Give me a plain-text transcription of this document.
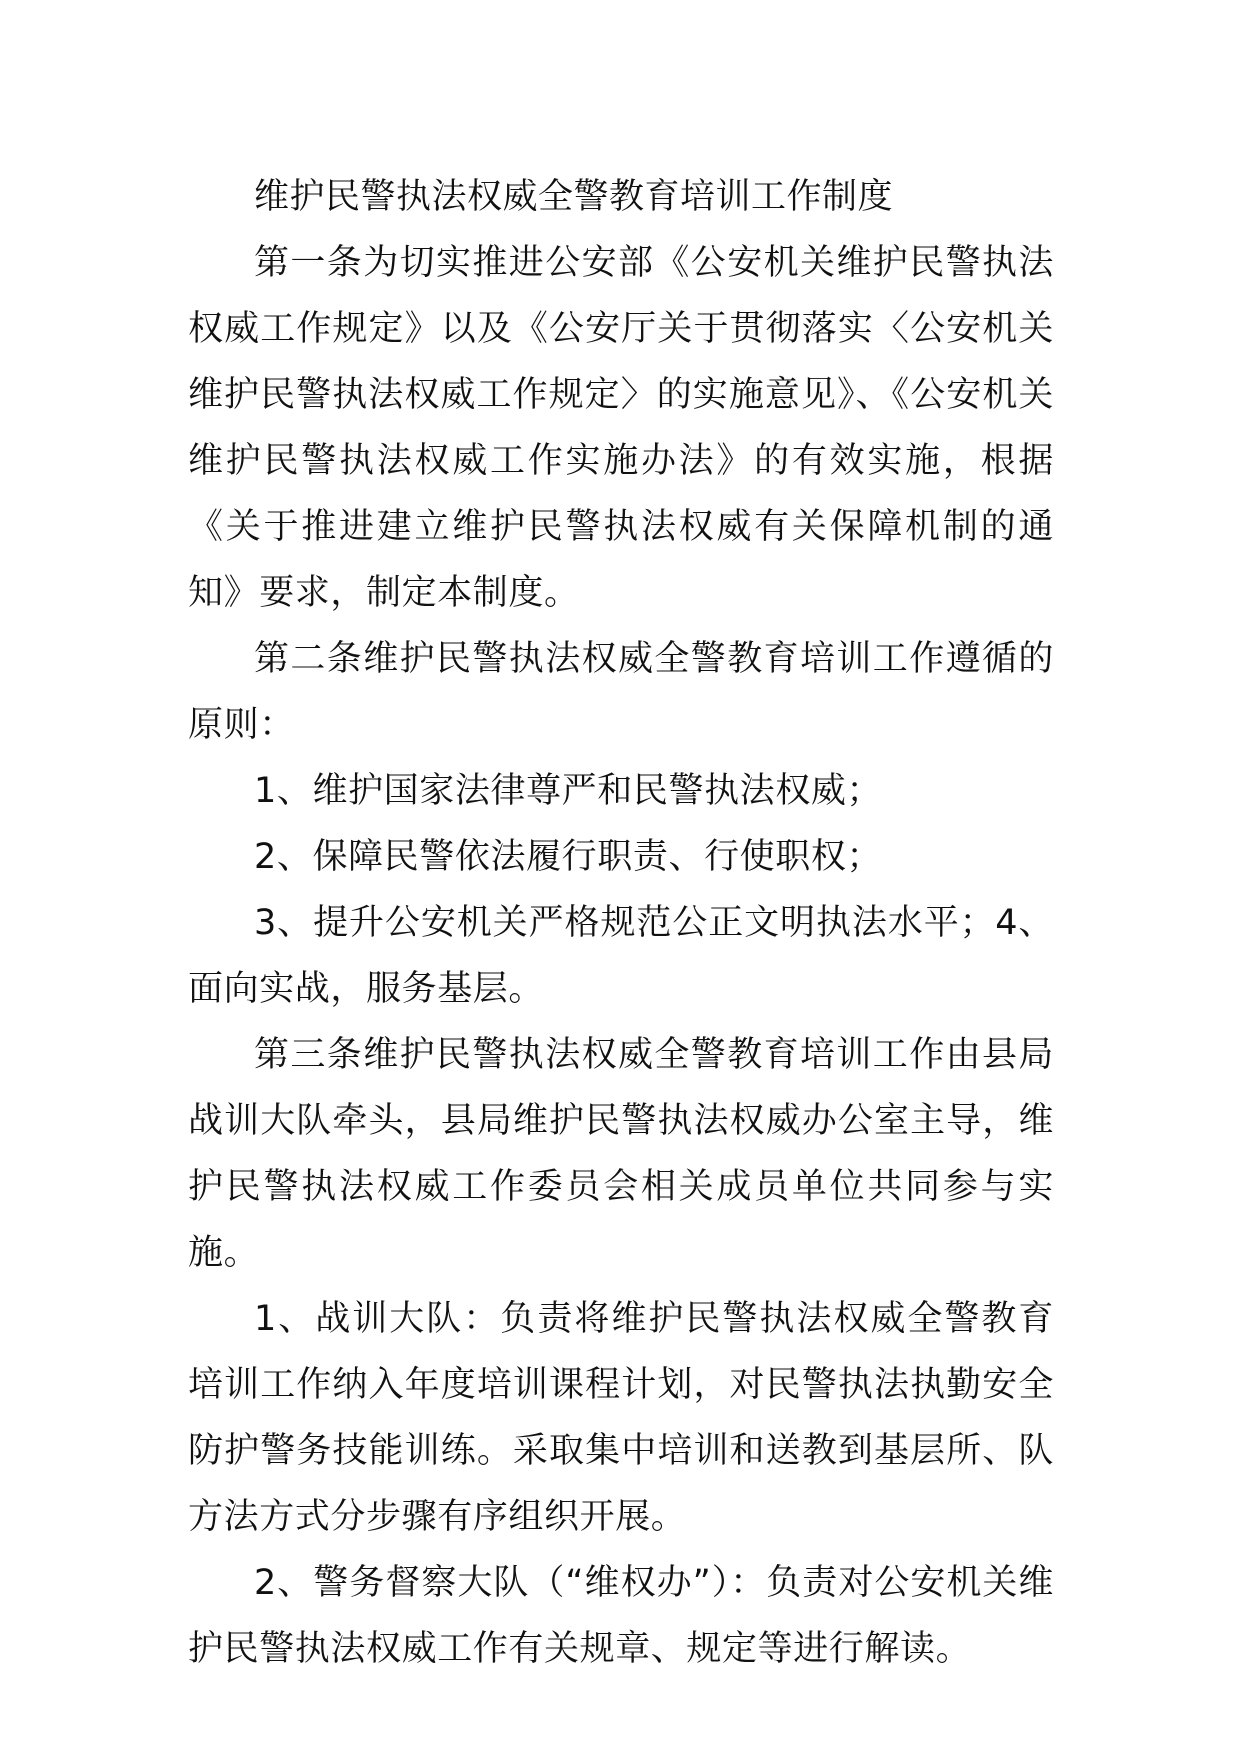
维护民警执法权威全警教育培训工作制度

第一条为切实推进公安部《公安机关维护民警执法权威工作规定》以及《公安厅关于贯彻落实〈公安机关维护民警执法权威工作规定〉的实施意见》、《公安机关维护民警执法权威工作实施办法》的有效实施，根据《关于推进建立维护民警执法权威有关保障机制的通知》要求，制定本制度。

第二条维护民警执法权威全警教育培训工作遵循的原则：

1、维护国家法律尊严和民警执法权威；

2、保障民警依法履行职责、行使职权；

3、提升公安机关严格规范公正文明执法水平；4、面向实战，服务基层。

第三条维护民警执法权威全警教育培训工作由县局战训大队牵头，县局维护民警执法权威办公室主导，维护民警执法权威工作委员会相关成员单位共同参与实施。

1、战训大队：负责将维护民警执法权威全警教育培训工作纳入年度培训课程计划，对民警执法执勤安全防护警务技能训练。采取集中培训和送教到基层所、队方法方式分步骤有序组织开展。

2、警务督察大队（“维权办”）：负责对公安机关维护民警执法权威工作有关规章、规定等进行解读。
